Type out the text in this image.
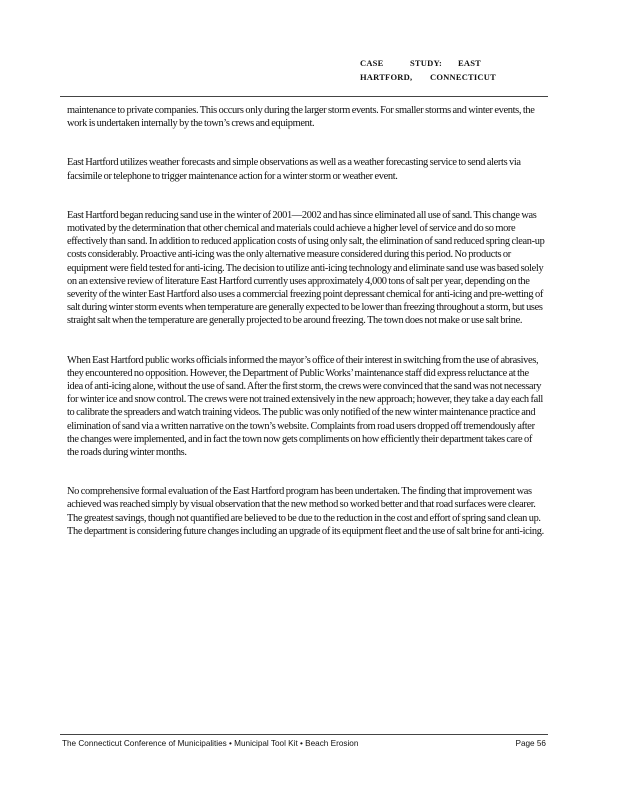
CASE	STUDY:	EAST
HARTFORD,	CONNECTICUT

maintenance to private companies. This occurs only during the larger storm events. For smaller storms and winter events, the work is undertaken internally by the town’s crews and equipment.

East Hartford utilizes weather forecasts and simple observations as well as a weather forecasting service to send alerts via facsimile or telephone to trigger maintenance action for a winter storm or weather event.

East Hartford began reducing sand use in the winter of 2001—2002 and has since eliminated all use of sand. This change was motivated by the determination that other chemical and materials could achieve a higher level of service and do so more effectively than sand. In addition to reduced application costs of using only salt, the elimination of sand reduced spring clean-up costs considerably. Proactive anti-icing was the only alternative measure considered during this period. No products or equipment were field tested for anti-icing. The decision to utilize anti-icing technology and eliminate sand use was based solely on an extensive review of literature East Hartford currently uses approximately 4,000 tons of salt per year, depending on the severity of the winter East Hartford also uses a commercial freezing point depressant chemical for anti-icing and pre-wetting of salt during winter storm events when temperature are generally expected to be lower than freezing throughout a storm, but uses straight salt when the temperature are generally projected to be around freezing. The town does not make or use salt brine.

When East Hartford public works officials informed the mayor’s office of their interest in switching from the use of abrasives, they encountered no opposition. However, the Department of Public Works’ maintenance staff did express reluctance at the idea of anti-icing alone, without the use of sand. After the first storm, the crews were convinced that the sand was not necessary for winter ice and snow control. The crews were not trained extensively in the new approach; however, they take a day each fall to calibrate the spreaders and watch training videos. The public was only notified of the new winter maintenance practice and elimination of sand via a written narrative on the town’s website. Complaints from road users dropped off tremendously after the changes were implemented, and in fact the town now gets compliments on how efficiently their department takes care of the roads during winter months.

No comprehensive formal evaluation of the East Hartford program has been undertaken. The finding that improvement was achieved was reached simply by visual observation that the new method so worked better and that road surfaces were clearer. The greatest savings, though not quantified are believed to be due to the reduction in the cost and effort of spring sand clean up. The department is considering future changes including an upgrade of its equipment fleet and the use of salt brine for anti-icing.

The Connecticut Conference of Municipalities • Municipal Tool Kit • Beach Erosion	Page 56
